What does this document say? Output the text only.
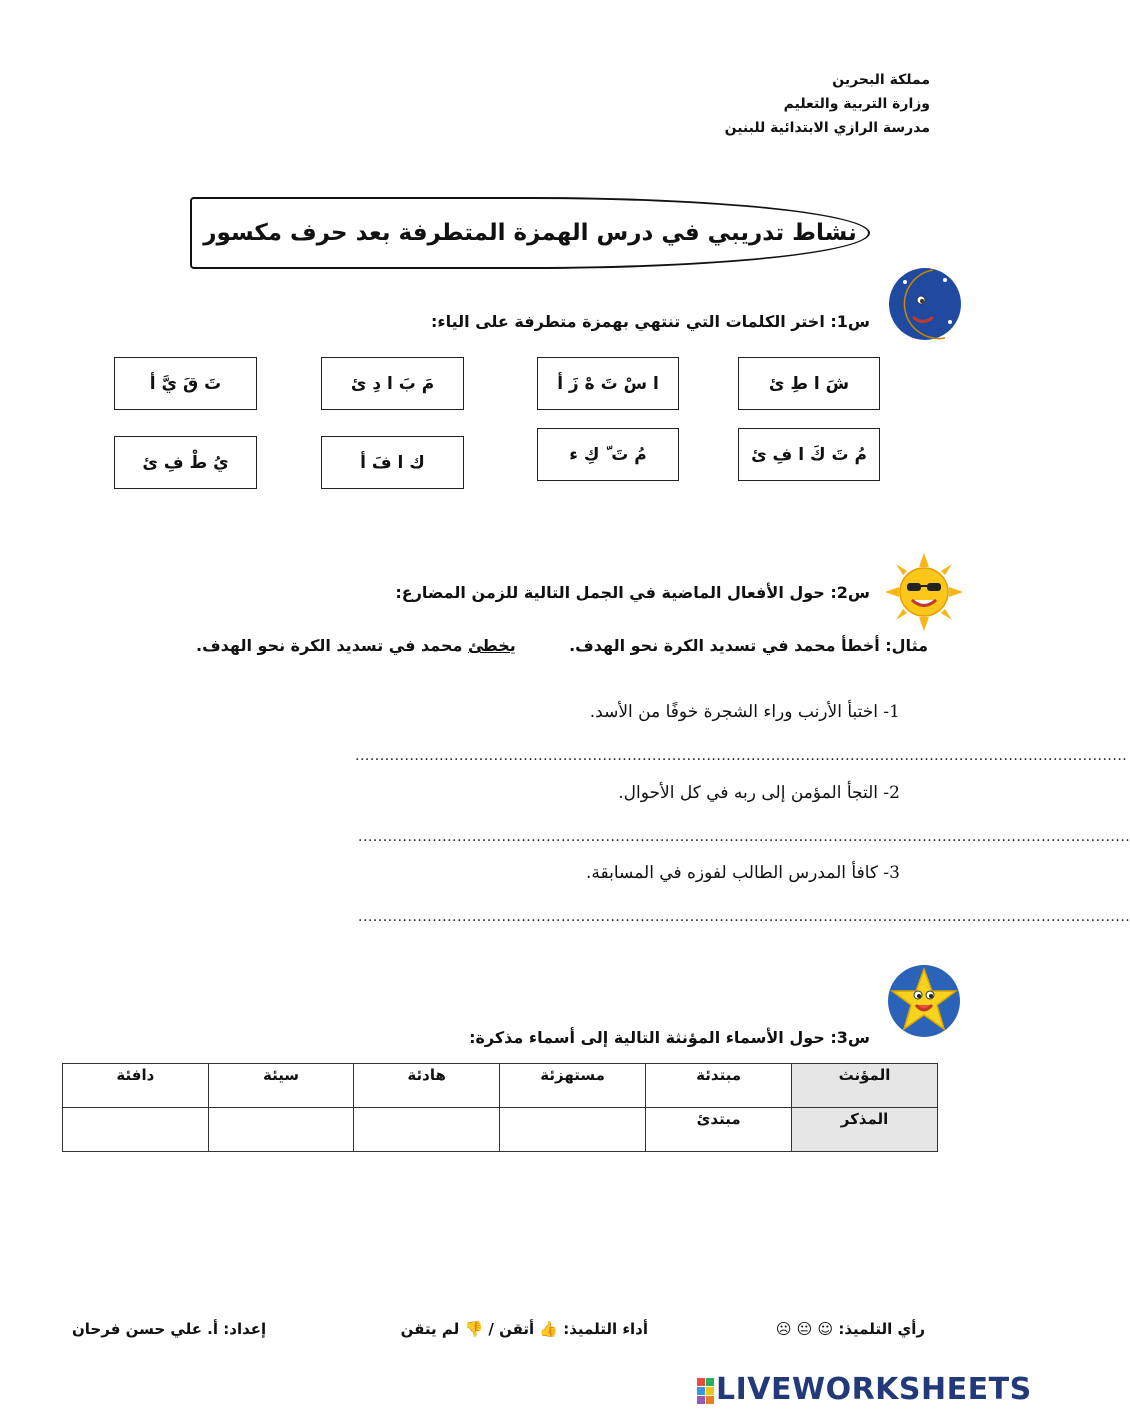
مملكة البحرين
وزارة التربية والتعليم
مدرسة الرازي الابتدائية للبنين
نشاط تدريبي في درس الهمزة المتطرفة بعد حرف مكسور
س1: اختر الكلمات التي تنتهي بهمزة متطرفة على الياء:
شَ ا طِ ئ
ا سْ تَ هْ زَ أ
مَ بَ ا دِ ئ
تَ قَ يَّ أ
مُ تَ كَ ا فِ ئ
مُ تَ ّ كِ ء
ك ا فَ أ
يُ طْ فِ ئ
س2: حول الأفعال الماضية في الجمل التالية للزمن المضارع:
مثال: أخطأ محمد في تسديد الكرة نحو الهدف.
يخطئ محمد في تسديد الكرة نحو الهدف.
1- اختبأ الأرنب وراء الشجرة خوفًا من الأسد.
............................................................................................................................................................
2- التجأ المؤمن إلى ربه في كل الأحوال.
............................................................................................................................................................
3- كافأ المدرس الطالب لفوزه في المسابقة.
............................................................................................................................................................
س3: حول الأسماء المؤنثة التالية إلى أسماء مذكرة:
المؤنث	مبتدئة	مستهزئة	هادئة	سيئة	دافئة
المذكر	مبتدئ				
رأي التلميذ: ☺ 😐 ☹
أداء التلميذ: 👍 أتقن / 👎 لم يتقن
إعداد: أ. علي حسن فرحان
LIVEWORKSHEETS
